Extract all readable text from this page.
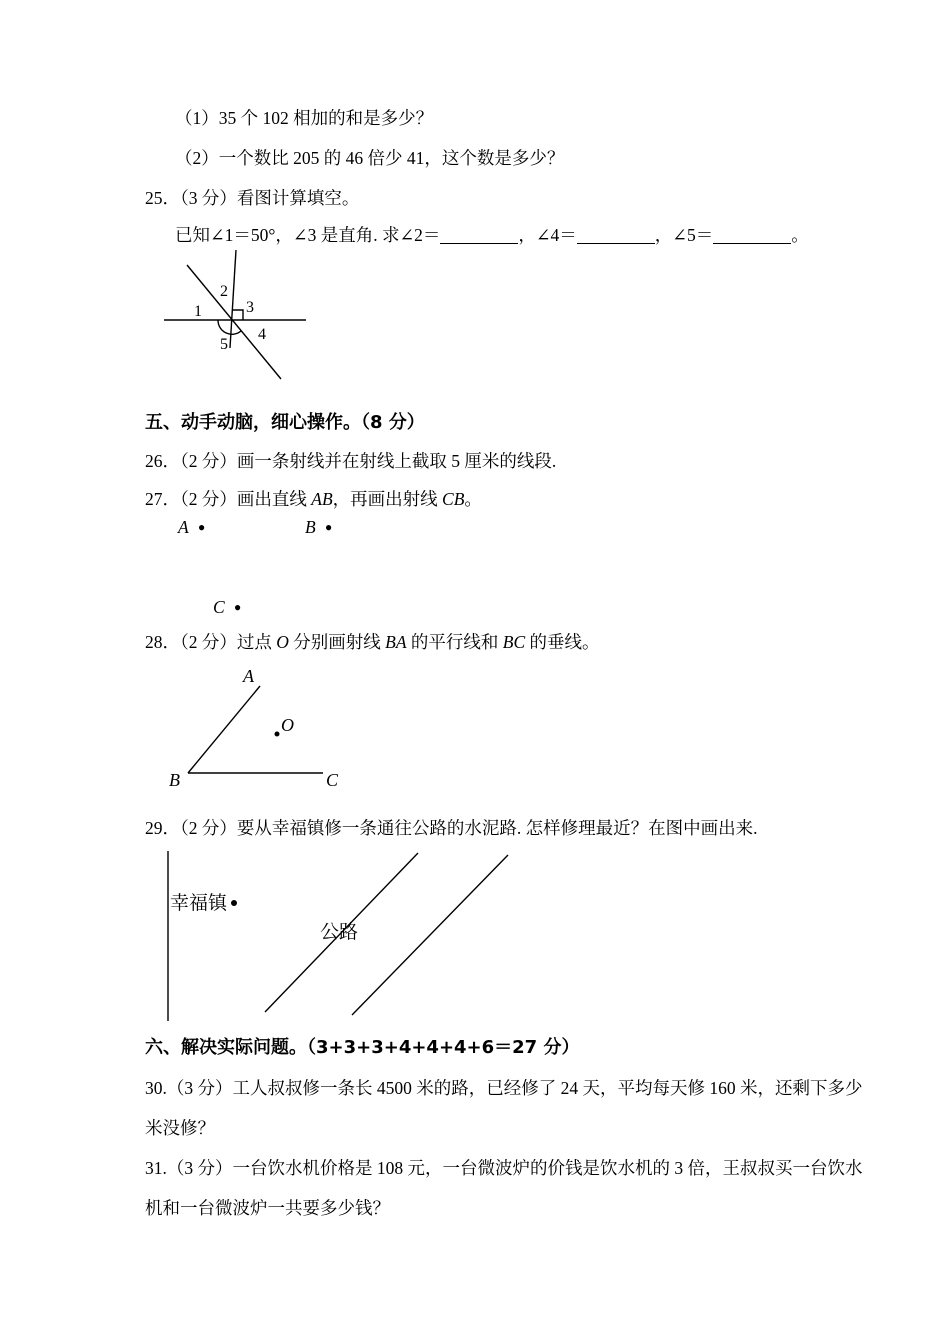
（1）35 个 102 相加的和是多少？
（2）一个数比 205 的 46 倍少 41，这个数是多少？
25．（3 分）看图计算填空。
已知∠1＝50°，∠3 是直角. 求∠2＝	，∠4＝	，∠5＝	。
1
2
3
4
5
五、动手动脑，细心操作。（8 分）
26．（2 分）画一条射线并在射线上截取 5 厘米的线段.
27．（2 分）画出直线 AB，再画出射线 CB。
A •	B •
C •
28．（2 分）过点 O 分别画射线 BA 的平行线和 BC 的垂线。
A
B	C
O
29．（2 分）要从幸福镇修一条通往公路的水泥路. 怎样修理最近？在图中画出来.
幸福镇
公路
六、解决实际问题。（3+3+3+4+4+4+6＝27 分）
30.（3 分）工人叔叔修一条长 4500 米的路，已经修了 24 天，平均每天修 160 米，还剩下多少
米没修？
31.（3 分）一台饮水机价格是 108 元，一台微波炉的价钱是饮水机的 3 倍，王叔叔买一台饮水
机和一台微波炉一共要多少钱？
